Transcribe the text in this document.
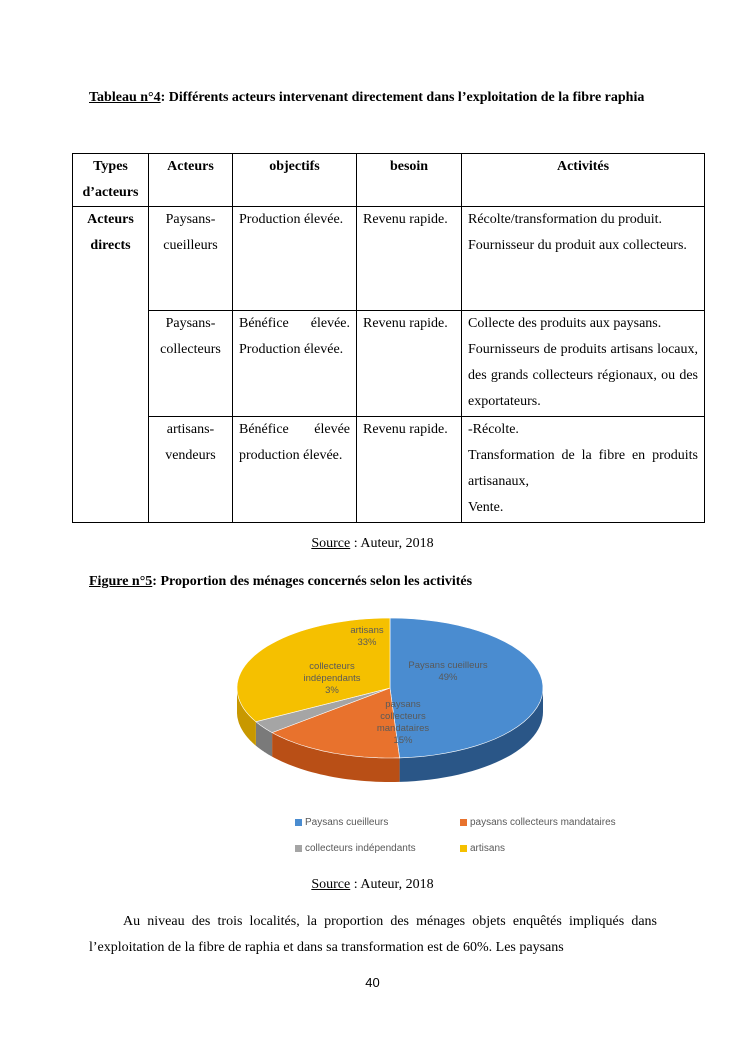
Tableau n°4: Différents acteurs intervenant directement dans l’exploitation de la fibre raphia
Types d’acteurs	Acteurs	objectifs	besoin	Activités
Acteurs directs	Paysans-cueilleurs	Production élevée.	Revenu rapide.	Récolte/transformation du produit.
Fournisseur du produit aux collecteurs.

	Paysans-collecteurs	Bénéfice élevée. Production élevée.	Revenu rapide.	Collecte des produits aux paysans.
Fournisseurs de produits artisans locaux, des grands collecteurs régionaux, ou des exportateurs.

	artisans-vendeurs	Bénéfice élevée production élevée.	Revenu rapide.	-Récolte.
Transformation de la fibre en produits artisanaux,
Vente.
Source : Auteur, 2018
Figure n°5: Proportion des ménages concernés selon les activités
Paysans cueilleurs 49%
paysans collecteurs mandataires 15%
collecteurs indépendants 3%
artisans 33%
Paysans cueilleurs	paysans collecteurs mandataires
collecteurs indépendants	artisans
Source : Auteur, 2018
Au niveau des trois localités, la proportion des ménages objets enquêtés impliqués dans l’exploitation de la fibre de raphia et dans sa transformation est de 60%. Les paysans
40
